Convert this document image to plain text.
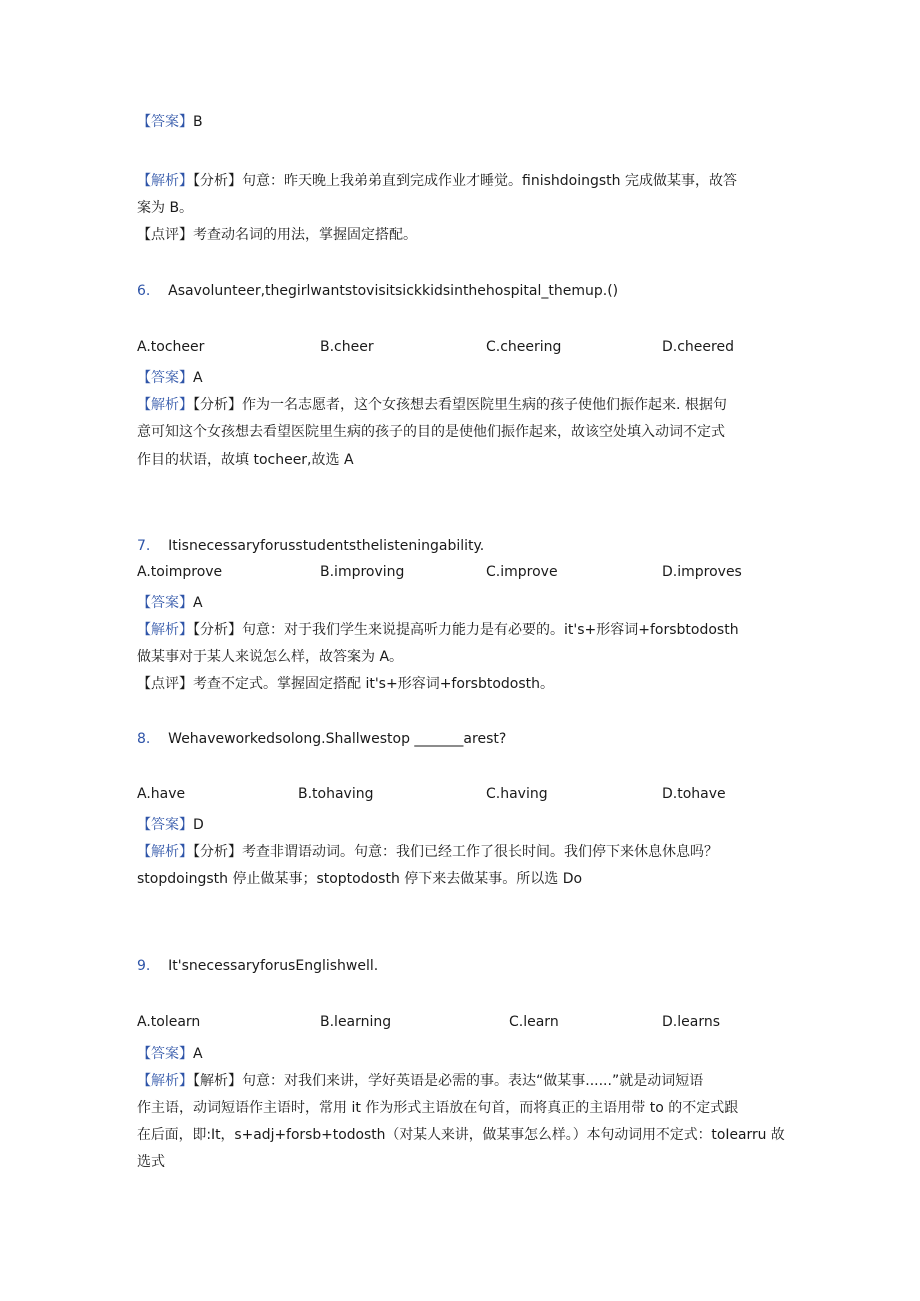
【答案】B
【解析】【分析】句意：昨天晚上我弟弟直到完成作业才睡觉。finishdoingsth 完成做某事，故答
案为 B。
【点评】考查动名词的用法，掌握固定搭配。
6. Asavolunteer,thegirlwantstovisitsickkidsinthehospital_themup.()
A.tocheer	B.cheer	C.cheering	D.cheered
【答案】A
【解析】【分析】作为一名志愿者，这个女孩想去看望医院里生病的孩子使他们振作起来. 根据句
意可知这个女孩想去看望医院里生病的孩子的目的是使他们振作起来，故该空处填入动词不定式
作目的状语，故填 tocheer,故选 A
7. Itisnecessaryforusstudentsthelisteningability.
A.toimprove	B.improving	C.improve	D.improves
【答案】A
【解析】【分析】句意：对于我们学生来说提高听力能力是有必要的。it's+形容词+forsbtodosth
做某事对于某人来说怎么样，故答案为 A。
【点评】考查不定式。掌握固定搭配 it's+形容词+forsbtodosth。
8. Wehaveworkedsolong.Shallwestop _______arest?
A.have	B.tohaving	C.having	D.tohave
【答案】D
【解析】【分析】考查非谓语动词。句意：我们已经工作了很长时间。我们停下来休息休息吗？
stopdoingsth 停止做某事；stoptodosth 停下来去做某事。所以选 Do
9. It'snecessaryforusEnglishwell.
A.tolearn	B.learning	C.learn	D.learns
【答案】A
【解析】【解析】句意：对我们来讲，学好英语是必需的事。表达“做某事......”就是动词短语
作主语，动词短语作主语时，常用 it 作为形式主语放在句首，而将真正的主语用带 to 的不定式跟
在后面，即:It，s+adj+forsb+todosth（对某人来讲，做某事怎么样。）本句动词用不定式：toIearru 故
选式
